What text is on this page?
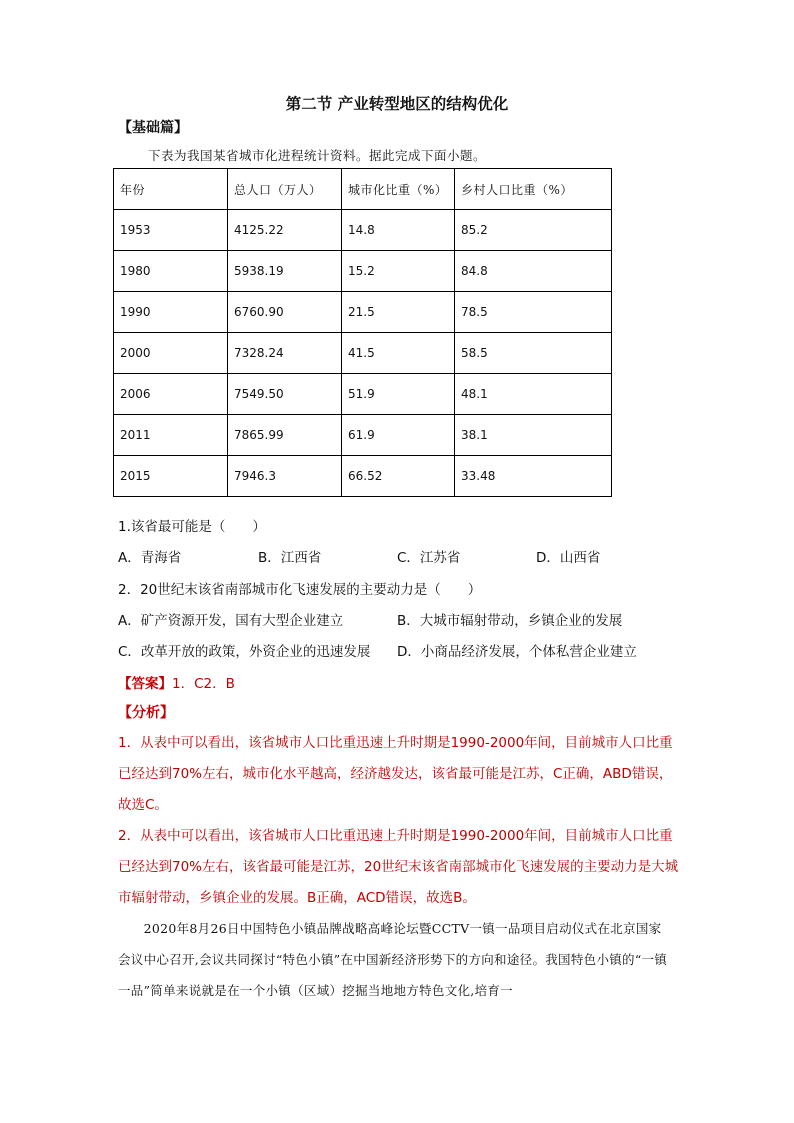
第二节 产业转型地区的结构优化
【基础篇】
下表为我国某省城市化进程统计资料。据此完成下面小题。
年份	总人口（万人）	城市化比重（%）	乡村人口比重（%）
1953	4125.22	14.8	85.2
1980	5938.19	15.2	84.8
1990	6760.90	21.5	78.5
2000	7328.24	41.5	58.5
2006	7549.50	51.9	48.1
2011	7865.99	61.9	38.1
2015	7946.3	66.52	33.48
1.该省最可能是（　　）
A．青海省	B．江西省	C．江苏省	D．山西省
2．20世纪末该省南部城市化飞速发展的主要动力是（　　）
A．矿产资源开发，国有大型企业建立	B．大城市辐射带动，乡镇企业的发展
C．改革开放的政策，外资企业的迅速发展 D．小商品经济发展，个体私营企业建立
【答案】1．C2．B
【分析】
1．从表中可以看出，该省城市人口比重迅速上升时期是1990-2000年间，目前城市人口比重已经达到70%左右，城市化水平越高，经济越发达，该省最可能是江苏，C正确，ABD错误，故选C。
2．从表中可以看出，该省城市人口比重迅速上升时期是1990-2000年间，目前城市人口比重已经达到70%左右，该省最可能是江苏，20世纪末该省南部城市化飞速发展的主要动力是大城市辐射带动，乡镇企业的发展。B正确，ACD错误，故选B。
　　2020年8月26日中国特色小镇品牌战略高峰论坛暨CCTV一镇一品项目启动仪式在北京国家会议中心召开,会议共同探讨“特色小镇”在中国新经济形势下的方向和途径。我国特色小镇的“一镇一品”简单来说就是在一个小镇（区域）挖掘当地地方特色文化,培育一
